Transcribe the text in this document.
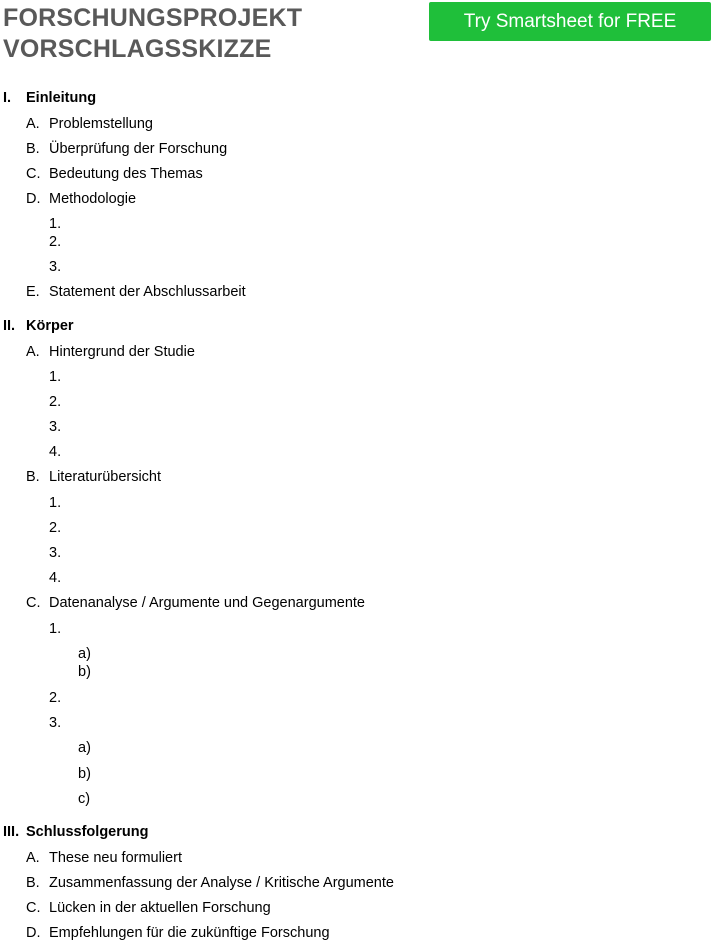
FORSCHUNGSPROJEKT
VORSCHLAGSSKIZZE
Try Smartsheet for FREE
I. Einleitung
A. Problemstellung
B. Überprüfung der Forschung
C. Bedeutung des Themas
D. Methodologie
1.
2.
3.
E. Statement der Abschlussarbeit
II. Körper
A. Hintergrund der Studie
1.
2.
3.
4.
B. Literaturübersicht
1.
2.
3.
4.
C. Datenanalyse / Argumente und Gegenargumente
1.
a)
b)
2.
3.
a)
b)
c)
III. Schlussfolgerung
A. These neu formuliert
B. Zusammenfassung der Analyse / Kritische Argumente
C. Lücken in der aktuellen Forschung
D. Empfehlungen für die zukünftige Forschung
